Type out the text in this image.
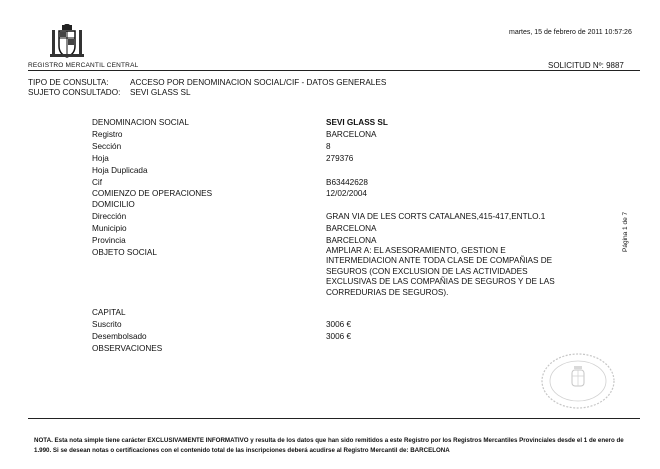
REGISTRO MERCANTIL CENTRAL
martes, 15 de febrero de 2011 10:57:26
SOLICITUD Nº: 9887
TIPO DE CONSULTA:	ACCESO POR DENOMINACION SOCIAL/CIF - DATOS GENERALES
SUJETO CONSULTADO: SEVI GLASS SL
DENOMINACION SOCIAL	SEVI GLASS SL
Registro	BARCELONA
Sección	8
Hoja	279376
Hoja Duplicada
Cif	B63442628
COMIENZO DE OPERACIONES	12/02/2004
DOMICILIO
Dirección	GRAN VIA DE LES CORTS CATALANES,415-417,ENTLO.1
Municipio	BARCELONA
Provincia	BARCELONA
OBJETO SOCIAL	AMPLIAR A: EL ASESORAMIENTO, GESTION E INTERMEDIACION ANTE TODA CLASE DE COMPAÑIAS DE SEGUROS (CON EXCLUSION DE LAS ACTIVIDADES EXCLUSIVAS DE LAS COMPAÑIAS DE SEGUROS Y DE LAS CORREDURIAS DE SEGUROS).
CAPITAL
Suscrito	3006 €
Desembolsado	3006 €
OBSERVACIONES
Página 1 de 7
NOTA. Esta nota simple tiene carácter EXCLUSIVAMENTE INFORMATIVO y resulta de los datos que han sido remitidos a este Registro por los Registros Mercantiles Provinciales desde el 1 de enero de 1.990. Si se desean notas o certificaciones con el contenido total de las inscripciones deberá acudirse al Registro Mercantil de: BARCELONA
